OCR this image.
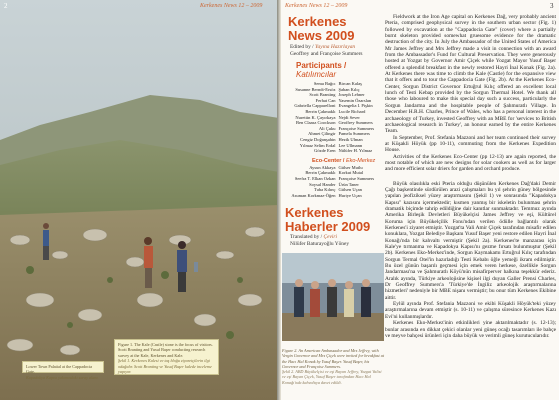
2	Kerkenes News 12 – 2009
Figure 1. The Kale (Castle) stone is the focus of visitors. Scott Branting and Yusuf Başer conducting research survey at the Kale, Kerkenes and Kale.
Şekil 1. Kerkenes Kalesi ve taş bloğu ziyaretçilerin ilgi odağıdır. Scott Branting ve Yusuf Başer kalede inceleme yapıyor.
Lower Town Palatial at the Cappadocia Gate.
Kapadokya Kapısı yakınındaki saray alanı.
Kerkenes News 12 – 2009	3
Kerkenes News 2009
Edited by / Yayına Hazırlayan
Geoffrey and Françoise Summers
Participants / Katılımcılar
Sema Bağcı
Susanne Berndt-Ersöz
Scott Branting
Ferhat Can
Gabriella Capparelloni
Berrin Çakmaklı
Nurettin K. Çayırkaya
Ben Claasz Coockson
Ali Çuku
Ahmet Çilingir
Cengiz Doğanşahin
Yılmaz Selim Erdal
Gözde Eren
Bircan Kalaş
Şaban Kılıç
Joseph Lehner
Yasemin Özarslan
Evangelia I. Pişkin
Lucile Richard
Nejdi Sever
Geoffrey Summers
Françoise Summers
Pamela Summers
Hezik Ulman
Lee Ullmann
Nülüfer H. Yılmaz
Eco-Center / Eko-Merkez
Aysun Akkaya
Berrin Çakmaklı
Seefra T. Elkan Ozkan
Soysal Hander
Tuba Kılınç
Asuman Korkmaz-Öğen
Gülser Mutlu
Korkut Mutal
Françoise Summers
Ürün Taner
Gülsen Uçan
Huriye Uçan
Kerkenes Haberler 2009
Translated by / Çeviri
Nilüfer Baturayoğlu Yöney
Figure 2. An American Ambassador and Mrs Jeffrey, with Vergin Governor and Mrs Çiçek were invited for breakfast at the Hacı Hal Konak by Yusuf Başer. Yusuf Başer, his Governor and Françoise Summers.
Şekil 2. ABD Büyükelçisi ve eşi Bayan Jeffrey, Yozgat Valisi ve eşi Bayan Çiçek, Yusuf Başer tarafından Hacı Hal Konağı'nda kahvaltıya davet edildi.

Fieldwork at the Iron Age capital on Kerkenes Dağ, very probably ancient Pteria, comprised geophysical survey in the southern urban sector (Fig. 1) followed by excavation at the "Cappadocia Gate" (cover) where a partially burnt skeleton provided somewhat gruesome evidence for the dramatic destruction of the city. In July the Ambassador of the United States of America Mr James Jeffrey and Mrs Jeffrey made a visit in connection with an award from the Ambassador's Fund for Cultural Preservation. They were generously hosted at Yozgat by Governor Amir Çiçek while Yozgat Mayor Yusuf Başer offered a splendid breakfast in the newly restored Hayri İnal Konak (Fig. 2a). At Kerkenes there was time to climb the Kale (Castle) for the expansive view that it offers and to tour the Cappadocia Gate (Fig. 2b). At the Kerkenes Eco-Center, Sorgun District Governor Ertuğrul Kılıç offered an excellent local lunch of Testi Kebap provided by the Sorgun Thermal Hotel. We thank all those who laboured to make this special day such a success, particularly the Sorgun Jandarma and the hospitable people of Şahmuratlı Village. In December H.R.H. Charles, Prince of Wales, who has a personal interest in the archaeology of Turkey, invested Geoffrey with an MBE for 'services to British archaeological research in Turkey', an honour earned by the entire Kerkenes Team.

In September, Prof. Stefania Mazzoni and her team continued their survey at Küşakli Höyük (pp 10-11), commuting from the Kerkenes Expedition House.

Activities of the Kerkenes Eco-Center (pp 12-13) are again reported, the most notable of which are new designs for solar cookers as well as for larger and more efficient solar driers for garden and orchard produce.

Büyük olasılıkla eski Pteria olduğu düşünülen Kerkenes Dağ'daki Demir Çağı başkentinde sürdürülen arazi çalışmaları bu yıl şehrin güney bölgesinde yapılan jeofiziksel yüzey araştırmasını (Şekil 1) ve sonrasında "Kapadokya Kapısı" kazısını içermektedir; kısmen yanmış bir iskeletin bulunması şehrin dramatik biçimde tahrip edildiğine dair kanıtlar sunmaktadır. Temmuz ayında Amerika Birleşik Devletleri Büyükelçisi James Jeffrey ve eşi, Kültürel Koruma için Büyükelçilik Fonu'ndan verilen ödülle bağlantılı olarak Kerkenes'i ziyaret etmiştir. Yozgat'ta Vali Amir Çiçek tarafından misafir edilen konuklara, Yozgat Belediye Başkanı Yusuf Başer yeni restore edilen Hayri İnal Konağı'nda bir kahvaltı vermiştir (Şekil 2a). Kerkenes'te manzarası için Kale'ye tırmanma ve Kapadokya Kapısı'nı gezme fırsatı bulunmuştur (Şekil 2b). Kerkenes Eko-Merkez'inde, Sorgun Kaymakamı Ertuğrul Kılıç tarafından Sorgun Termal Otel'in hazırladığı Testi Kebabı öğle yemeği ikram edilmiştir. Bu özel günün başarılı geçmesi için emek veren herkese, özellikle Sorgun Jandarması'na ve Şahmuratlı Köyü'nün misafirperver halkına teşekkür ederiz. Aralık ayında, Türkiye arkeolojisine kişisel ilgi duyan Galler Prensi Charles, Dr Geoffrey Summers'a 'Türkiye'de İngiliz arkeolojik araştırmalarına hizmetleri' nedeniyle bir MBE nişanı vermiştir; bu onur tüm Kerkenes Ekibine aittir.

Eylül ayında Prof. Stefania Mazzoni ve ekibi Küşakli Höyük'teki yüzey araştırmalarına devam etmiştir (s. 10-11) ve çalışma süresince Kerkenes Kazı Evi'ni kullanmışlardır.

Kerkenes Eko-Merkez'inin etkinlikleri yine aktarılmaktadır (s. 12-13); bunlar arasında en dikkat çekici olanlar yeni güneş ocağı tasarımları ile bahçe ve meyve bahçesi ürünleri için daha büyük ve verimli güneş kurutucularıdır.
